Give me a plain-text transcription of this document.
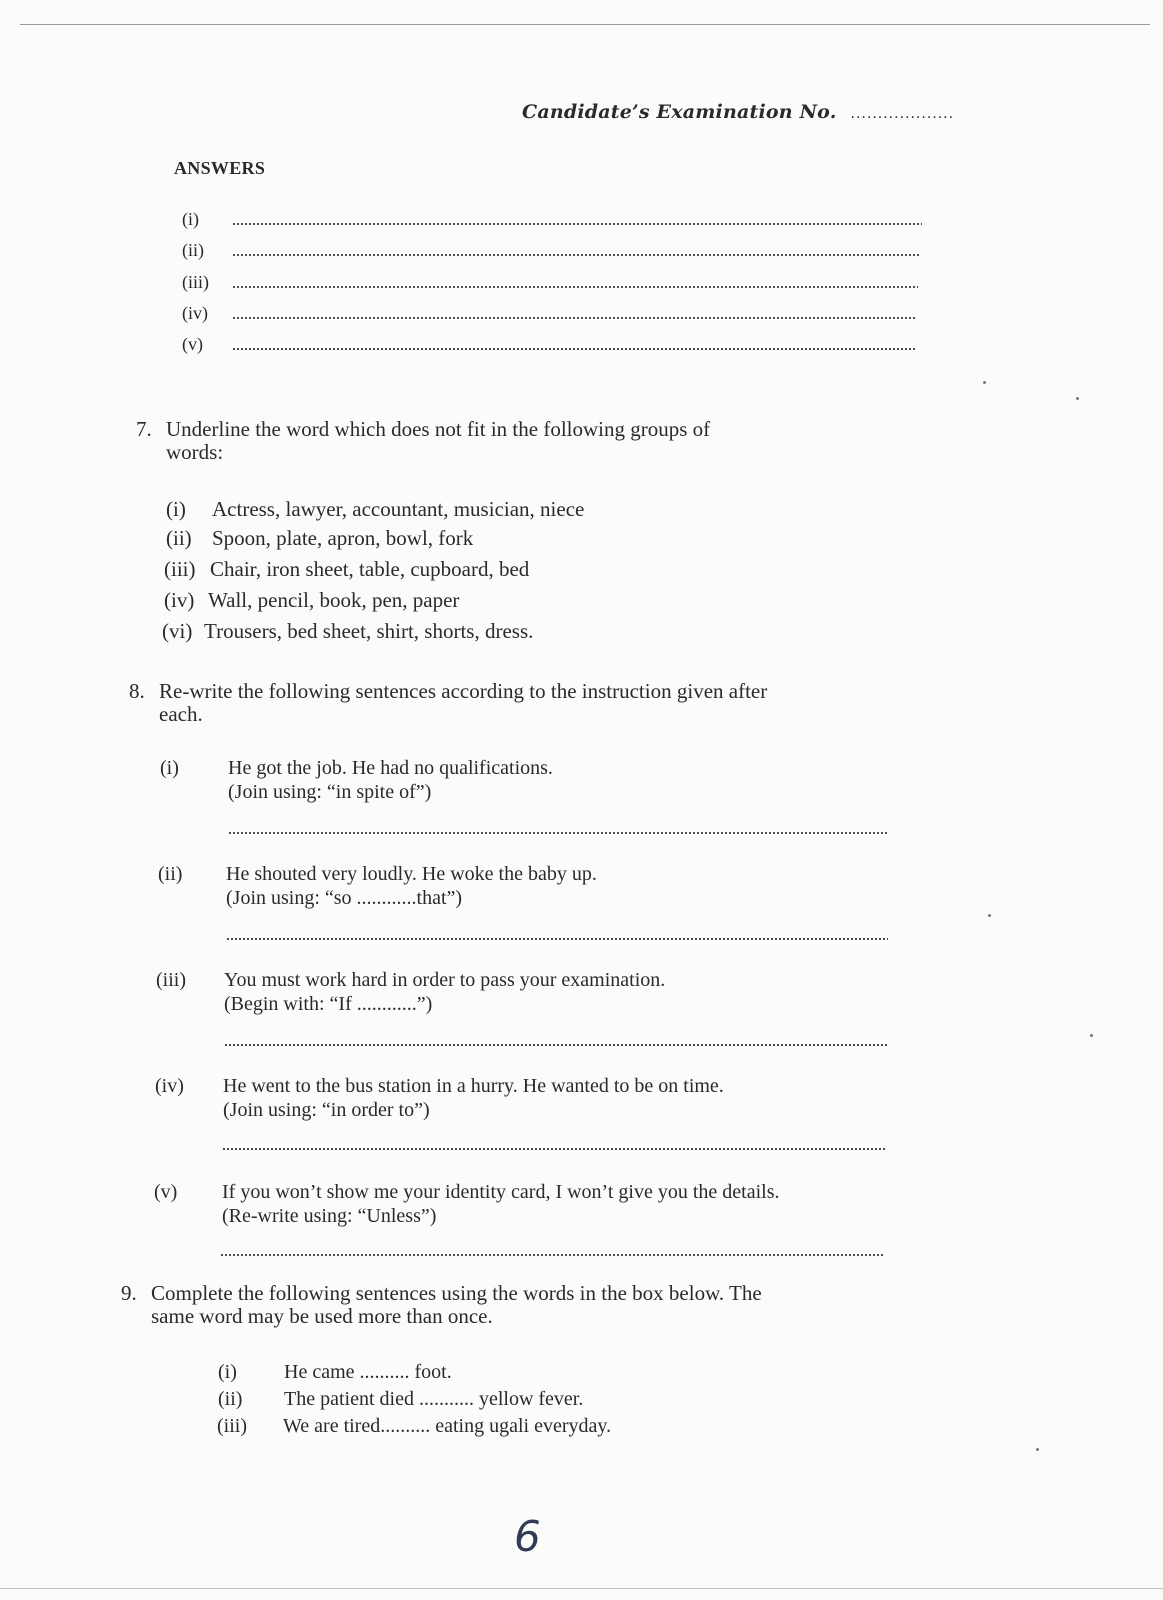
Candidate’s Examination No. ...................
ANSWERS
(i)
(ii)
(iii)
(iv)
(v)
7. Underline the word which does not fit in the following groups of
words:
(i) Actress, lawyer, accountant, musician, niece
(ii) Spoon, plate, apron, bowl, fork
(iii) Chair, iron sheet, table, cupboard, bed
(iv) Wall, pencil, book, pen, paper
(vi) Trousers, bed sheet, shirt, shorts, dress.
8. Re-write the following sentences according to the instruction given after
each.
(i) He got the job. He had no qualifications.
(Join using: “in spite of”)
(ii) He shouted very loudly. He woke the baby up.
(Join using: “so ............that”)
(iii) You must work hard in order to pass your examination.
(Begin with: “If ............”)
(iv) He went to the bus station in a hurry. He wanted to be on time.
(Join using: “in order to”)
(v) If you won’t show me your identity card, I won’t give you the details.
(Re-write using: “Unless”)
9. Complete the following sentences using the words in the box below. The
same word may be used more than once.
(i) He came .......... foot.
(ii) The patient died ........... yellow fever.
(iii) We are tired.......... eating ugali everyday.
6
